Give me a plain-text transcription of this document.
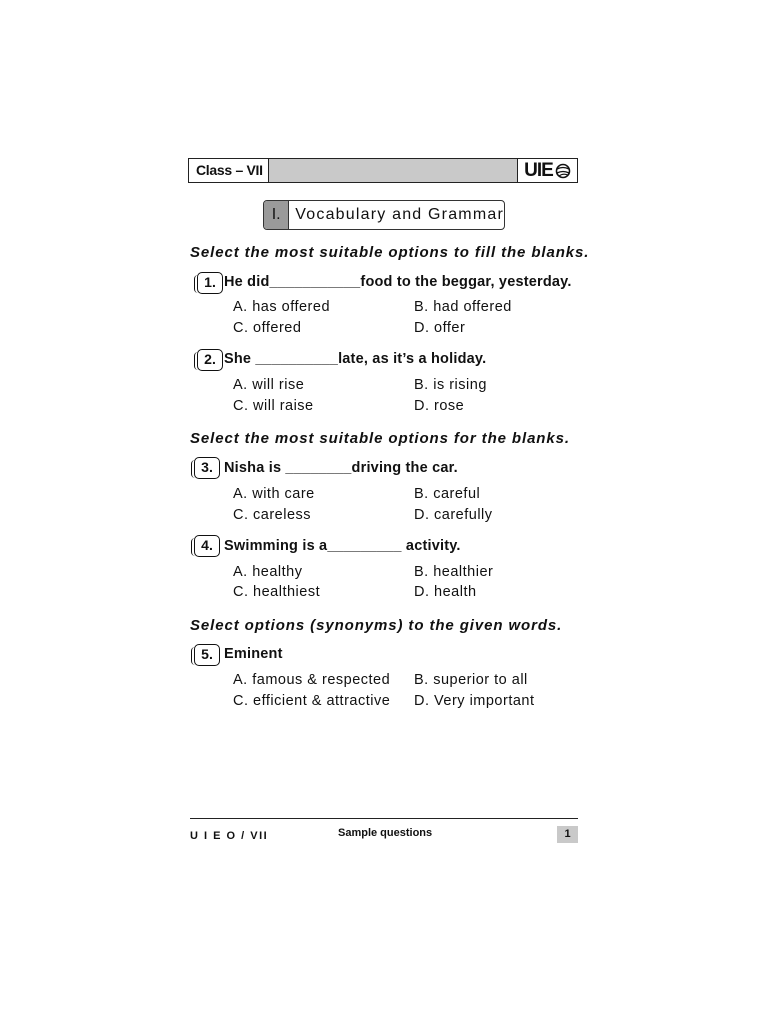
Class – VII	UIE
I. Vocabulary and Grammar
Select the most suitable options to fill the blanks.
1. He did___________food to the beggar, yesterday.
A. has offered	B. had offered
C. offered	D. offer
2. She __________late, as it’s a holiday.
A. will rise	B. is rising
C. will raise	D. rose
Select the most suitable options for the blanks.
3. Nisha is ________driving the car.
A. with care	B. careful
C. careless	D. carefully
4. Swimming is a_________ activity.
A. healthy	B. healthier
C. healthiest	D. health
Select options (synonyms) to the given words.
5. Eminent
A. famous & respected B. superior to all
C. efficient & attractive D. Very important
U I E O / VII	Sample questions	1
